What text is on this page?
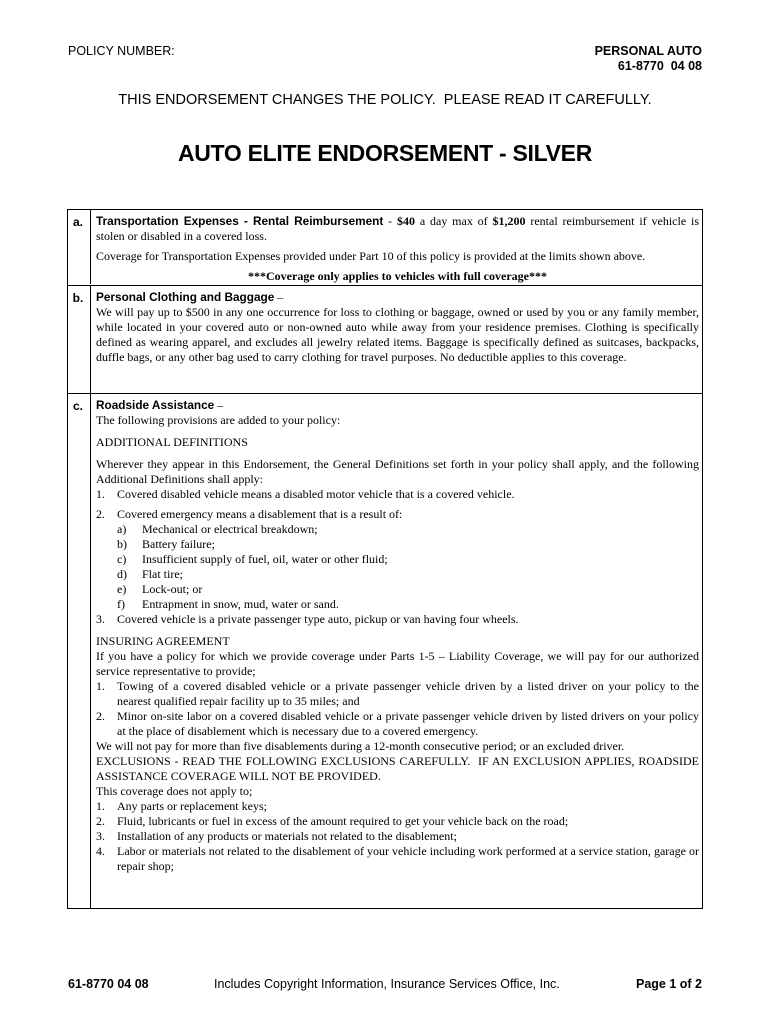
POLICY NUMBER:	PERSONAL AUTO
61-8770  04 08
THIS ENDORSEMENT CHANGES THE POLICY.  PLEASE READ IT CAREFULLY.
AUTO ELITE ENDORSEMENT - SILVER
a.	Transportation Expenses - Rental Reimbursement - $40 a day max of $1,200 rental reimbursement if vehicle is stolen or disabled in a covered loss.

Coverage for Transportation Expenses provided under Part 10 of this policy is provided at the limits shown above.

***Coverage only applies to vehicles with full coverage***

b.	Personal Clothing and Baggage –

We will pay up to $500 in any one occurrence for loss to clothing or baggage, owned or used by you or any family member, while located in your covered auto or non-owned auto while away from your residence premises. Clothing is specifically defined as wearing apparel, and excludes all jewelry related items. Baggage is specifically defined as suitcases, backpacks, duffle bags, or any other bag used to carry clothing for travel purposes. No deductible applies to this coverage.

c.	Roadside Assistance –

The following provisions are added to your policy:

ADDITIONAL DEFINITIONS

Wherever they appear in this Endorsement, the General Definitions set forth in your policy shall apply, and the following Additional Definitions shall apply:

1. Covered disabled vehicle means a disabled motor vehicle that is a covered vehicle.

2. Covered emergency means a disablement that is a result of:

a) Mechanical or electrical breakdown;

b) Battery failure;

c) Insufficient supply of fuel, oil, water or other fluid;

d) Flat tire;

e) Lock-out; or

f) Entrapment in snow, mud, water or sand.

3. Covered vehicle is a private passenger type auto, pickup or van having four wheels.

INSURING AGREEMENT

If you have a policy for which we provide coverage under Parts 1-5 – Liability Coverage, we will pay for our authorized service representative to provide;

1. Towing of a covered disabled vehicle or a private passenger vehicle driven by a listed driver on your policy to the nearest qualified repair facility up to 35 miles; and

2. Minor on-site labor on a covered disabled vehicle or a private passenger vehicle driven by listed drivers on your policy at the place of disablement which is necessary due to a covered emergency.

We will not pay for more than five disablements during a 12-month consecutive period; or an excluded driver.

EXCLUSIONS - READ THE FOLLOWING EXCLUSIONS CAREFULLY.  IF AN EXCLUSION APPLIES, ROADSIDE ASSISTANCE COVERAGE WILL NOT BE PROVIDED.

This coverage does not apply to;

1. Any parts or replacement keys;

2. Fluid, lubricants or fuel in excess of the amount required to get your vehicle back on the road;

3. Installation of any products or materials not related to the disablement;

4. Labor or materials not related to the disablement of your vehicle including work performed at a service station, garage or repair shop;

61-8770 04 08	Includes Copyright Information, Insurance Services Office, Inc.	Page 1 of 2
